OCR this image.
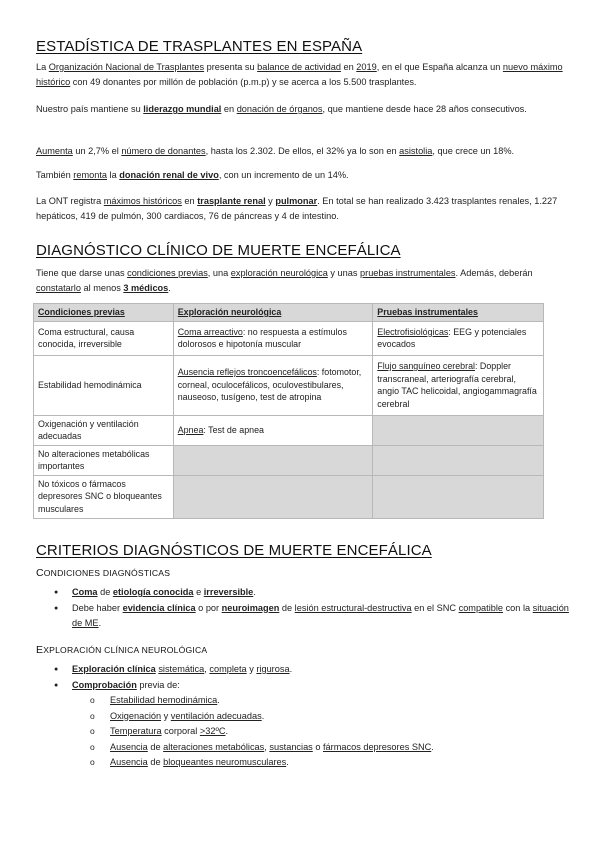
ESTADÍSTICA DE TRASPLANTES EN ESPAÑA

La Organización Nacional de Trasplantes presenta su balance de actividad en 2019, en el que España alcanza un nuevo máximo histórico con 49 donantes por millón de población (p.m.p) y se acerca a los 5.500 trasplantes.

Nuestro país mantiene su liderazgo mundial en donación de órganos, que mantiene desde hace 28 años consecutivos.

Aumenta un 2,7% el número de donantes, hasta los 2.302. De ellos, el 32% ya lo son en asistolia, que crece un 18%.

También remonta la donación renal de vivo, con un incremento de un 14%.

La ONT registra máximos históricos en trasplante renal y pulmonar. En total se han realizado 3.423 trasplantes renales, 1.227 hepáticos, 419 de pulmón, 300 cardiacos, 76 de páncreas y 4 de intestino.

DIAGNÓSTICO CLÍNICO DE MUERTE ENCEFÁLICA

Tiene que darse unas condiciones previas, una exploración neurológica y unas pruebas instrumentales. Además, deberán constatarlo al menos 3 médicos.

Condiciones previas	Exploración neurológica	Pruebas instrumentales
Coma estructural, causa conocida, irreversible	Coma arreactivo: no respuesta a estímulos dolorosos e hipotonía muscular	Electrofisiológicas: EEG y potenciales evocados
Estabilidad hemodinámica	Ausencia reflejos troncoencefálicos: fotomotor, corneal, oculocefálicos, oculovestibulares, nauseoso, tusígeno, test de atropina	Flujo sanguíneo cerebral: Doppler transcraneal, arteriografía cerebral, angio TAC helicoidal, angiogammagrafía cerebral
Oxigenación y ventilación adecuadas	Apnea: Test de apnea	
No alteraciones metabólicas importantes		
No tóxicos o fármacos depresores SNC o bloqueantes musculares		
CRITERIOS DIAGNÓSTICOS DE MUERTE ENCEFÁLICA
CONDICIONES DIAGNÓSTICAS
● Coma de etiología conocida e irreversible.
● Debe haber evidencia clínica o por neuroimagen de lesión estructural-destructiva en el SNC compatible con la situación de ME.
EXPLORACIÓN CLÍNICA NEUROLÓGICA
● Exploración clínica sistemática, completa y rigurosa.
● Comprobación previa de:
o Estabilidad hemodinámica.
o Oxigenación y ventilación adecuadas.
o Temperatura corporal >32ºC.
o Ausencia de alteraciones metabólicas, sustancias o fármacos depresores SNC.
o Ausencia de bloqueantes neuromusculares.
